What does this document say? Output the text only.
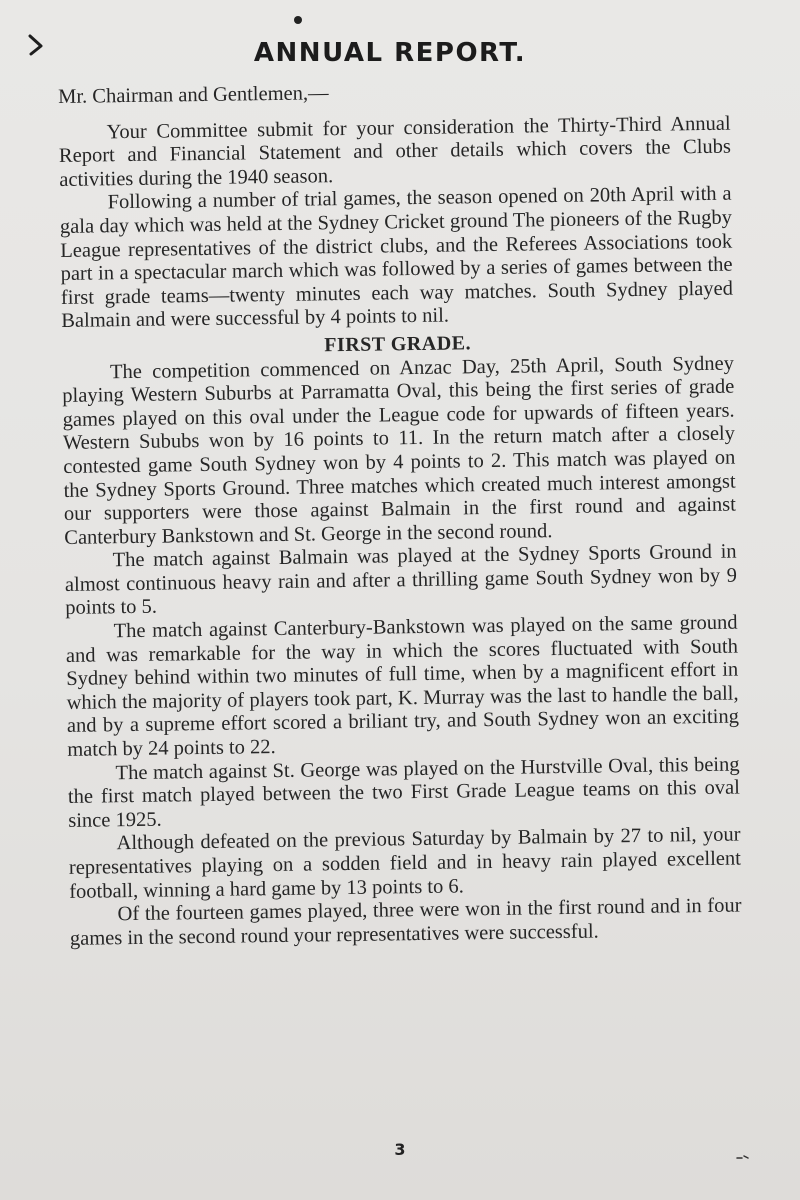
ANNUAL REPORT.

Mr. Chairman and Gentlemen,—

Your Committee submit for your consideration the Thirty-Third Annual Report and Financial Statement and other details which covers the Clubs activities during the 1940 season.

Following a number of trial games, the season opened on 20th April with a gala day which was held at the Sydney Cricket ground The pioneers of the Rugby League representatives of the district clubs, and the Referees Associations took part in a spectacular march which was followed by a series of games between the first grade teams—twenty minutes each way matches. South Sydney played Balmain and were successful by 4 points to nil.

FIRST GRADE.

The competition commenced on Anzac Day, 25th April, South Sydney playing Western Suburbs at Parramatta Oval, this being the first series of grade games played on this oval under the League code for upwards of fifteen years. Western Sububs won by 16 points to 11. In the return match after a closely contested game South Sydney won by 4 points to 2. This match was played on the Sydney Sports Ground. Three matches which created much interest amongst our supporters were those against Balmain in the first round and against Canterbury Bankstown and St. George in the second round.

The match against Balmain was played at the Sydney Sports Ground in almost continuous heavy rain and after a thrilling game South Sydney won by 9 points to 5.

The match against Canterbury-Bankstown was played on the same ground and was remarkable for the way in which the scores fluctuated with South Sydney behind within two minutes of full time, when by a magnificent effort in which the majority of players took part, K. Murray was the last to handle the ball, and by a supreme effort scored a briliant try, and South Sydney won an exciting match by 24 points to 22.

The match against St. George was played on the Hurstville Oval, this being the first match played between the two First Grade League teams on this oval since 1925.

Although defeated on the previous Saturday by Balmain by 27 to nil, your representatives playing on a sodden field and in heavy rain played excellent football, winning a hard game by 13 points to 6.

Of the fourteen games played, three were won in the first round and in four games in the second round your representatives were successful.

3
